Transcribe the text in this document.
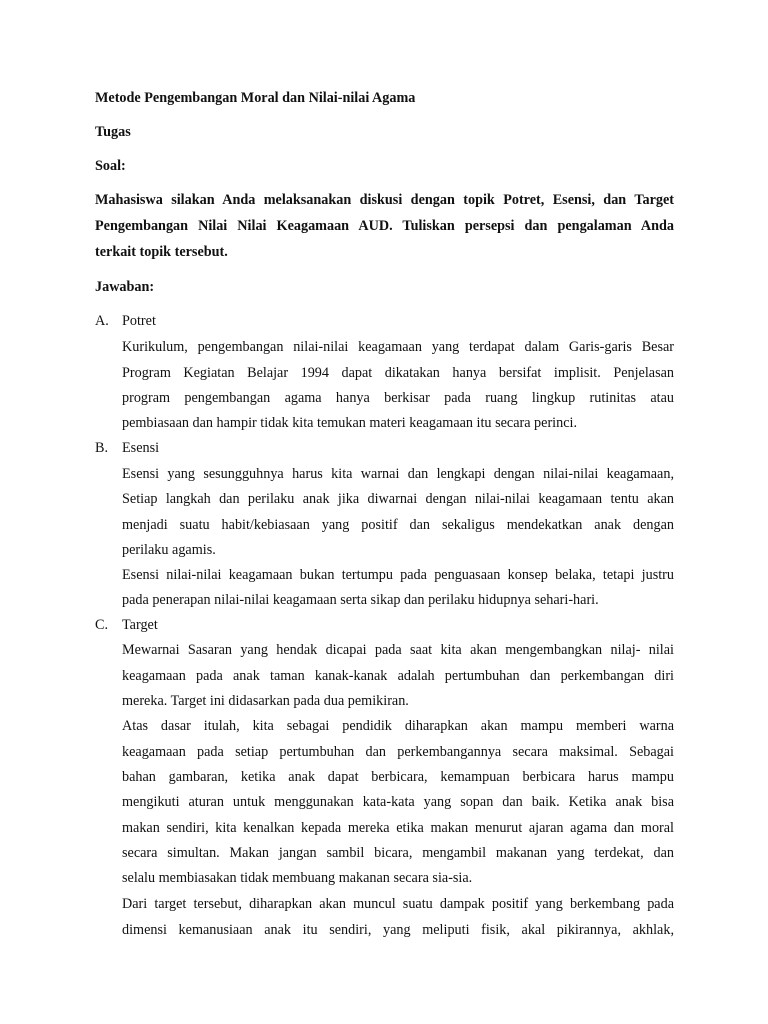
Metode Pengembangan Moral dan Nilai-nilai Agama
Tugas
Soal:
Mahasiswa silakan Anda melaksanakan diskusi dengan topik Potret, Esensi, dan Target
Pengembangan Nilai Nilai Keagamaan AUD. Tuliskan persepsi dan pengalaman Anda
terkait topik tersebut.
Jawaban:
A. Potret
Kurikulum, pengembangan nilai-nilai keagamaan yang terdapat dalam Garis-garis Besar
Program Kegiatan Belajar 1994 dapat dikatakan hanya bersifat implisit. Penjelasan
program pengembangan agama hanya berkisar pada ruang lingkup rutinitas atau
pembiasaan dan hampir tidak kita temukan materi keagamaan itu secara perinci.
B. Esensi
Esensi yang sesungguhnya harus kita warnai dan lengkapi dengan nilai-nilai keagamaan,
Setiap langkah dan perilaku anak jika diwarnai dengan nilai-nilai keagamaan tentu akan
menjadi suatu habit/kebiasaan yang positif dan sekaligus mendekatkan anak dengan
perilaku agamis.
Esensi nilai-nilai keagamaan bukan tertumpu pada penguasaan konsep belaka, tetapi justru
pada penerapan nilai-nilai keagamaan serta sikap dan perilaku hidupnya sehari-hari.
C. Target
Mewarnai Sasaran yang hendak dicapai pada saat kita akan mengembangkan nilaj- nilai
keagamaan pada anak taman kanak-kanak adalah pertumbuhan dan perkembangan diri
mereka. Target ini didasarkan pada dua pemikiran.
Atas dasar itulah, kita sebagai pendidik diharapkan akan mampu memberi warna
keagamaan pada setiap pertumbuhan dan perkembangannya secara maksimal. Sebagai
bahan gambaran, ketika anak dapat berbicara, kemampuan berbicara harus mampu
mengikuti aturan untuk menggunakan kata-kata yang sopan dan baik. Ketika anak bisa
makan sendiri, kita kenalkan kepada mereka etika makan menurut ajaran agama dan moral
secara simultan. Makan jangan sambil bicara, mengambil makanan yang terdekat, dan
selalu membiasakan tidak membuang makanan secara sia-sia.
Dari target tersebut, diharapkan akan muncul suatu dampak positif yang berkembang pada
dimensi kemanusiaan anak itu sendiri, yang meliputi fisik, akal pikirannya, akhlak,
